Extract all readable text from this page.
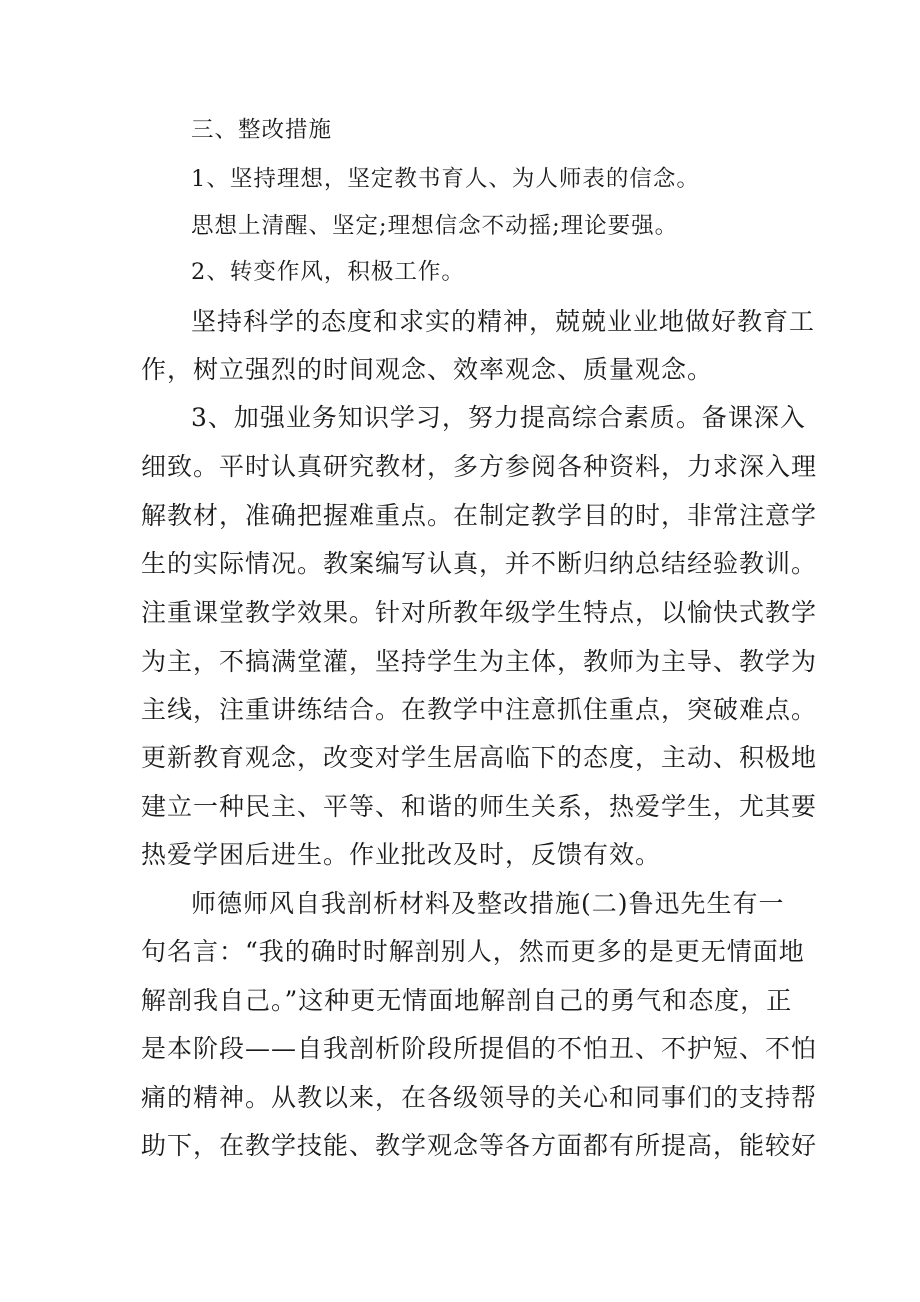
三、整改措施
1、坚持理想，坚定教书育人、为人师表的信念。
思想上清醒、坚定;理想信念不动摇;理论要强。
2、转变作风，积极工作。
坚持科学的态度和求实的精神，兢兢业业地做好教育工
作，树立强烈的时间观念、效率观念、质量观念。
3、加强业务知识学习，努力提高综合素质。备课深入
细致。平时认真研究教材，多方参阅各种资料，力求深入理
解教材，准确把握难重点。在制定教学目的时，非常注意学
生的实际情况。教案编写认真，并不断归纳总结经验教训。
注重课堂教学效果。针对所教年级学生特点，以愉快式教学
为主，不搞满堂灌，坚持学生为主体，教师为主导、教学为
主线，注重讲练结合。在教学中注意抓住重点，突破难点。
更新教育观念，改变对学生居高临下的态度，主动、积极地
建立一种民主、平等、和谐的师生关系，热爱学生，尤其要
热爱学困后进生。作业批改及时，反馈有效。
师德师风自我剖析材料及整改措施(二)鲁迅先生有一
句名言：“我的确时时解剖别人，然而更多的是更无情面地
解剖我自己。”这种更无情面地解剖自己的勇气和态度，正
是本阶段——自我剖析阶段所提倡的不怕丑、不护短、不怕
痛的精神。从教以来，在各级领导的关心和同事们的支持帮
助下，在教学技能、教学观念等各方面都有所提高，能较好
